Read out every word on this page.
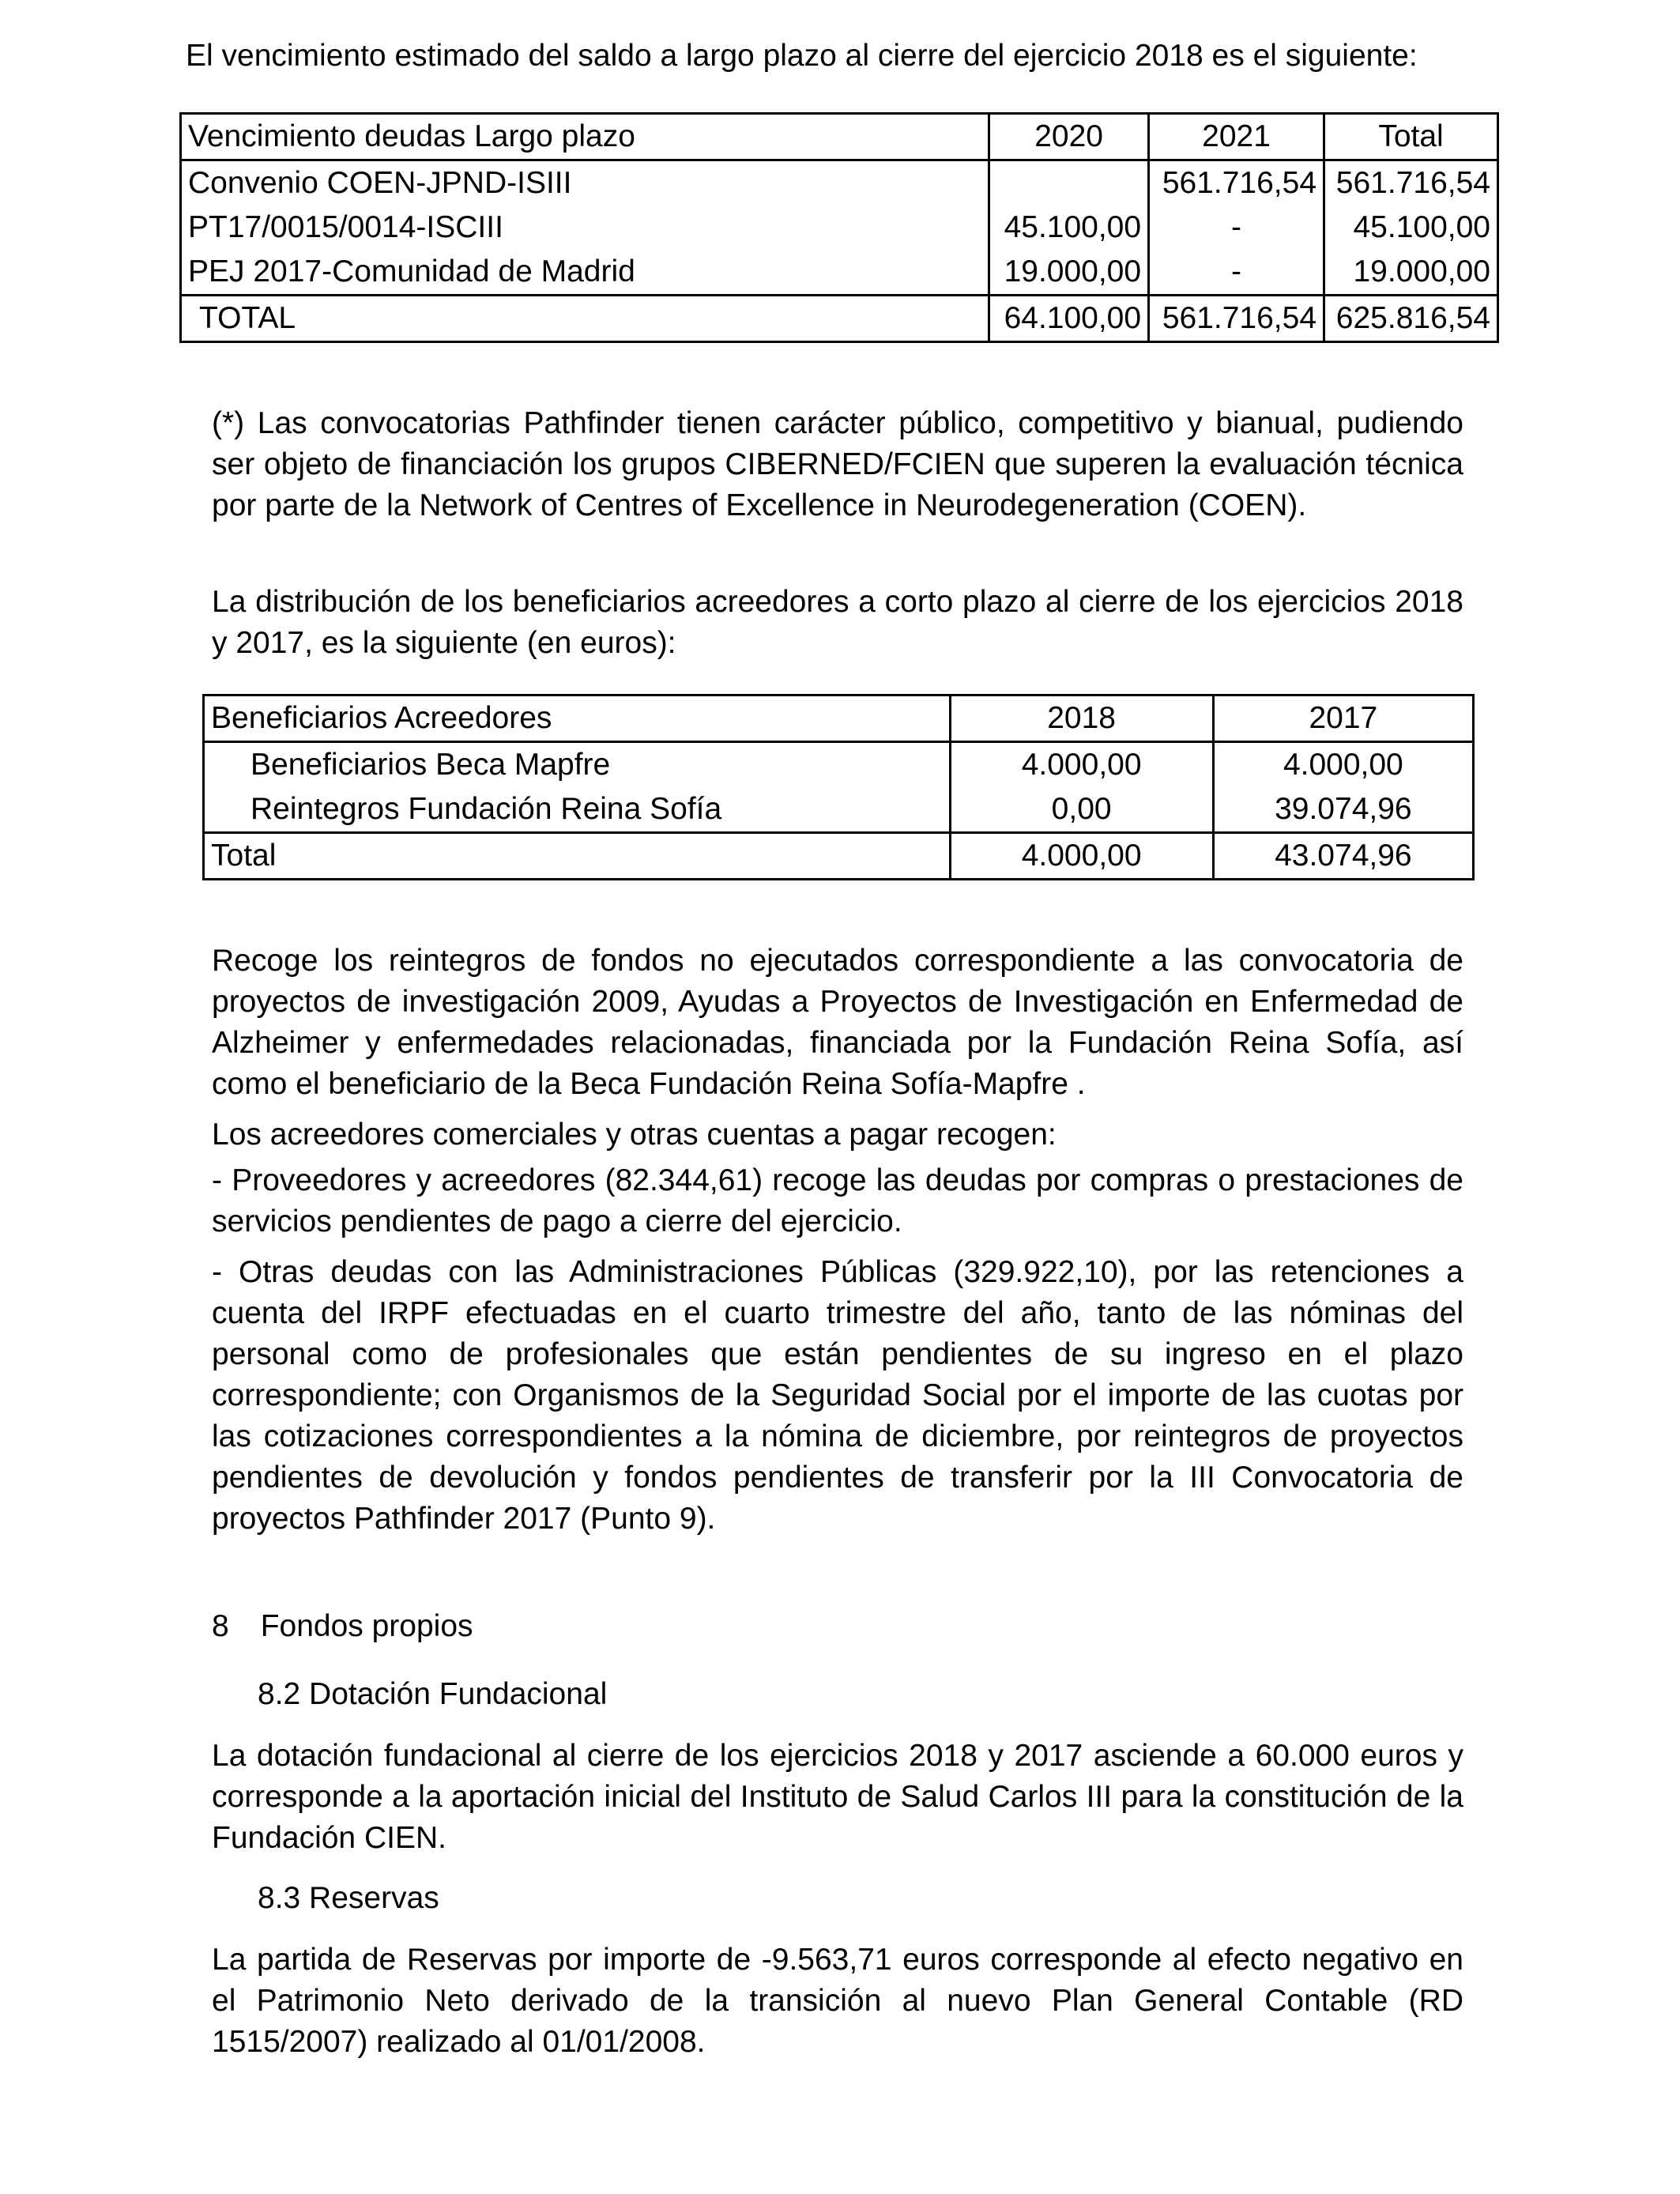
El vencimiento estimado del saldo a largo plazo al cierre del ejercicio 2018 es el siguiente:
Vencimiento deudas Largo plazo	2020	2021	Total
Convenio COEN-JPND-ISIII		561.716,54	561.716,54
PT17/0015/0014-ISCIII	45.100,00	-	45.100,00
PEJ 2017-Comunidad de Madrid	19.000,00	-	19.000,00
TOTAL	64.100,00	561.716,54	625.816,54
(*) Las convocatorias Pathfinder tienen carácter público, competitivo y bianual, pudiendo ser objeto de financiación los grupos CIBERNED/FCIEN que superen la evaluación técnica por parte de la Network of Centres of Excellence in Neurodegeneration (COEN).
La distribución de los beneficiarios acreedores a corto plazo al cierre de los ejercicios 2018 y 2017, es la siguiente (en euros):
Beneficiarios Acreedores	2018	2017
Beneficiarios Beca Mapfre	4.000,00	4.000,00
Reintegros Fundación Reina Sofía	0,00	39.074,96
Total	4.000,00	43.074,96
Recoge los reintegros de fondos no ejecutados correspondiente a las convocatoria de proyectos de investigación 2009, Ayudas a Proyectos de Investigación en Enfermedad de Alzheimer y enfermedades relacionadas, financiada por la Fundación Reina Sofía, así como el beneficiario de la Beca Fundación Reina Sofía-Mapfre .
Los acreedores comerciales y otras cuentas a pagar recogen:
- Proveedores y acreedores (82.344,61) recoge las deudas por compras o prestaciones de servicios pendientes de pago a cierre del ejercicio.
- Otras deudas con las Administraciones Públicas (329.922,10), por las retenciones a cuenta del IRPF efectuadas en el cuarto trimestre del año, tanto de las nóminas del personal como de profesionales que están pendientes de su ingreso en el plazo correspondiente; con Organismos de la Seguridad Social por el importe de las cuotas por las cotizaciones correspondientes a la nómina de diciembre, por reintegros de proyectos pendientes de devolución y fondos pendientes de transferir por la III Convocatoria de proyectos Pathfinder 2017 (Punto 9).
8 Fondos propios
8.2 Dotación Fundacional
La dotación fundacional al cierre de los ejercicios 2018 y 2017 asciende a 60.000 euros y corresponde a la aportación inicial del Instituto de Salud Carlos III para la constitución de la Fundación CIEN.
8.3 Reservas
La partida de Reservas por importe de -9.563,71 euros corresponde al efecto negativo en el Patrimonio Neto derivado de la transición al nuevo Plan General Contable (RD 1515/2007) realizado al 01/01/2008.
